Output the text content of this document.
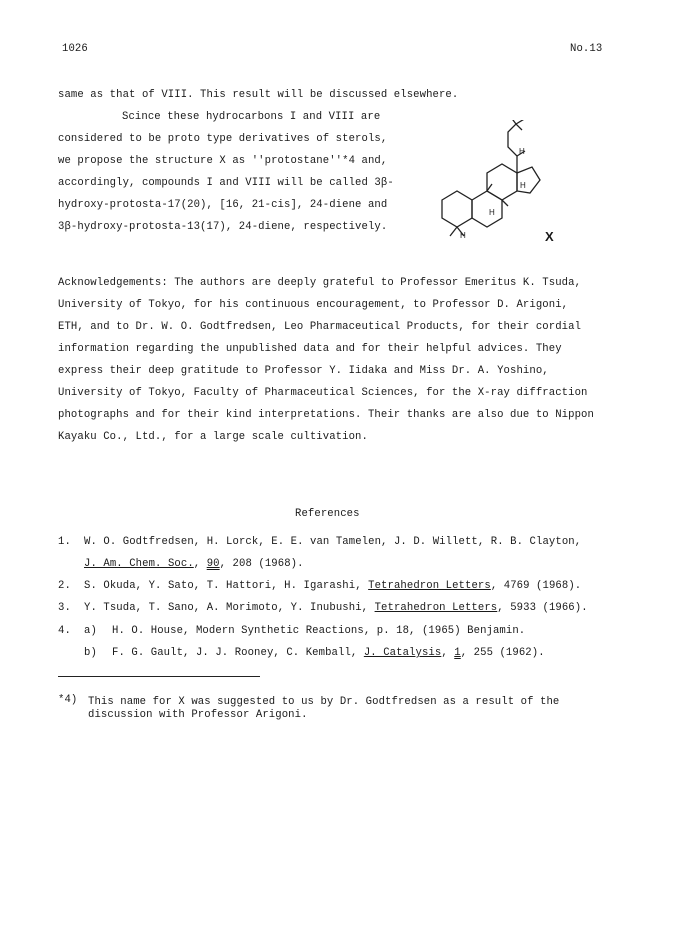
1026	No.13
same as that of VIII. This result will be discussed elsewhere.
Scince these hydrocarbons I and VIII are
considered to be proto type derivatives of sterols,
we propose the structure X as ''protostane''*4 and,
accordingly, compounds I and VIII will be called 3β-
hydroxy-protosta-17(20), [16, 21-cis], 24-diene and
3β-hydroxy-protosta-13(17), 24-diene, respectively.
H
H
H
H	X
Acknowledgements: The authors are deeply grateful to Professor Emeritus K. Tsuda,
University of Tokyo, for his continuous encouragement, to Professor D. Arigoni,
ETH, and to Dr. W. O. Godtfredsen, Leo Pharmaceutical Products, for their cordial
information regarding the unpublished data and for their helpful advices. They
express their deep gratitude to Professor Y. Iidaka and Miss Dr. A. Yoshino,
University of Tokyo, Faculty of Pharmaceutical Sciences, for the X-ray diffraction
photographs and for their kind interpretations. Their thanks are also due to Nippon
Kayaku Co., Ltd., for a large scale cultivation.
References
1. W. O. Godtfredsen, H. Lorck, E. E. van Tamelen, J. D. Willett, R. B. Clayton,
J. Am. Chem. Soc., 90, 208 (1968).
2. S. Okuda, Y. Sato, T. Hattori, H. Igarashi, Tetrahedron Letters, 4769 (1968).
3. Y. Tsuda, T. Sano, A. Morimoto, Y. Inubushi, Tetrahedron Letters, 5933 (1966).
4. a) H. O. House, Modern Synthetic Reactions, p. 18, (1965) Benjamin.
b) F. G. Gault, J. J. Rooney, C. Kemball, J. Catalysis, 1, 255 (1962).
*4) This name for X was suggested to us by Dr. Godtfredsen as a result of the
discussion with Professor Arigoni.
